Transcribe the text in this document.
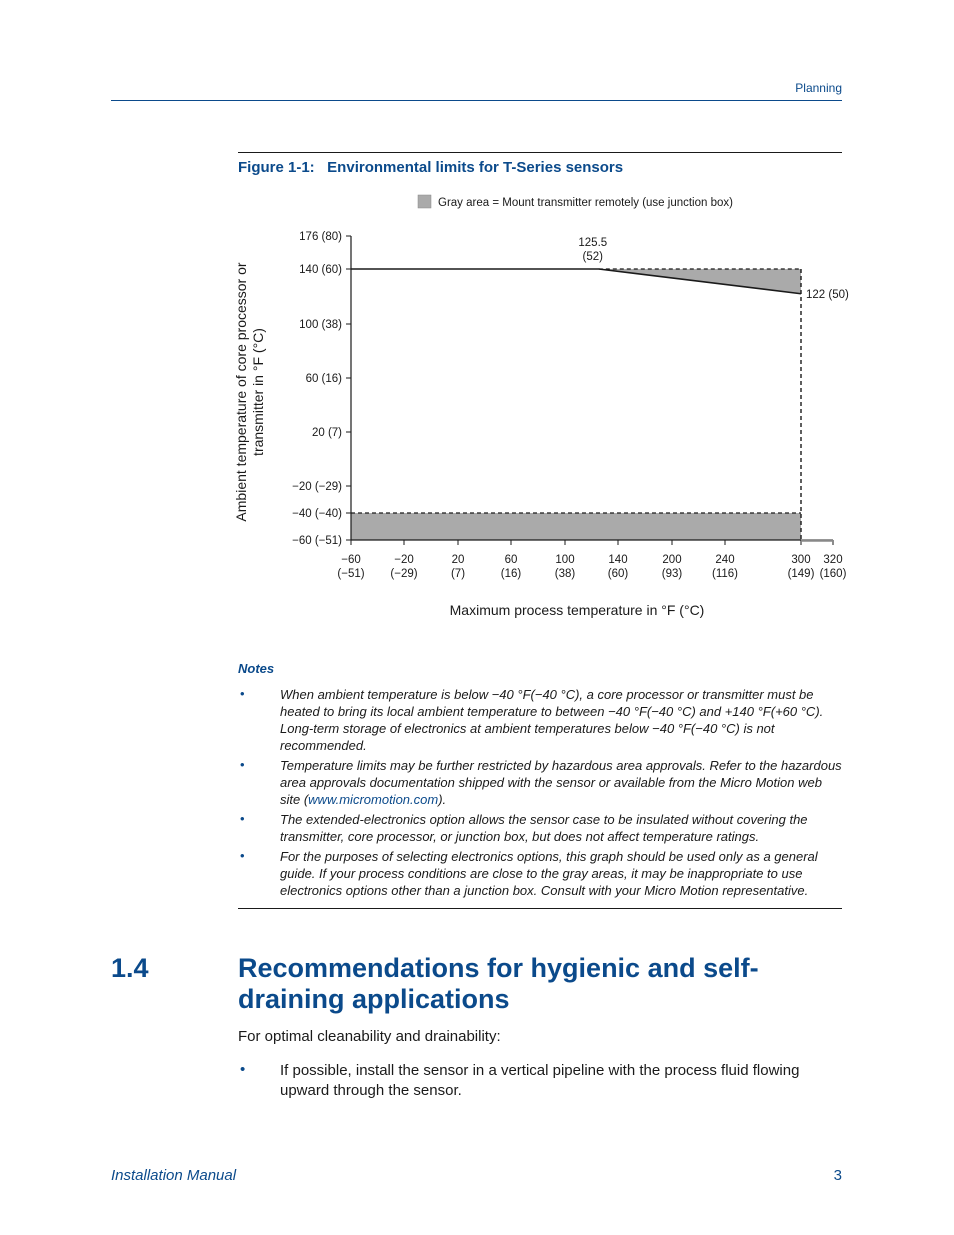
Planning
Figure 1-1:   Environmental limits for T-Series sensors
Gray area = Mount transmitter remotely (use junction box)
176 (80)
140 (60)
100 (38)
60 (16)
20 (7)
−20 (−29)
−40 (−40)
−60 (−51)
−60
(−51)
−20
(−29)
20
(7)
60
(16)
100
(38)
140
(60)
200
(93)
240
(116)
300
(149)
320
(160)
125.5
(52)
122 (50)
Maximum process temperature in °F (°C)
Ambient temperature of core processor or transmitter in °F (°C)
Notes
•	When ambient temperature is below −40 °F(−40 °C), a core processor or transmitter must be heated to bring its local ambient temperature to between −40 °F(−40 °C) and +140 °F(+60 °C). Long-term storage of electronics at ambient temperatures below −40 °F(−40 °C) is not recommended.
•	Temperature limits may be further restricted by hazardous area approvals. Refer to the hazardous area approvals documentation shipped with the sensor or available from the Micro Motion web site (www.micromotion.com).
•	The extended-electronics option allows the sensor case to be insulated without covering the transmitter, core processor, or junction box, but does not affect temperature ratings.
•	For the purposes of selecting electronics options, this graph should be used only as a general guide. If your process conditions are close to the gray areas, it may be inappropriate to use electronics options other than a junction box. Consult with your Micro Motion representative.
1.4	Recommendations for hygienic and self-draining applications
For optimal cleanability and drainability:
• If possible, install the sensor in a vertical pipeline with the process fluid flowing upward through the sensor.
Installation Manual	3
